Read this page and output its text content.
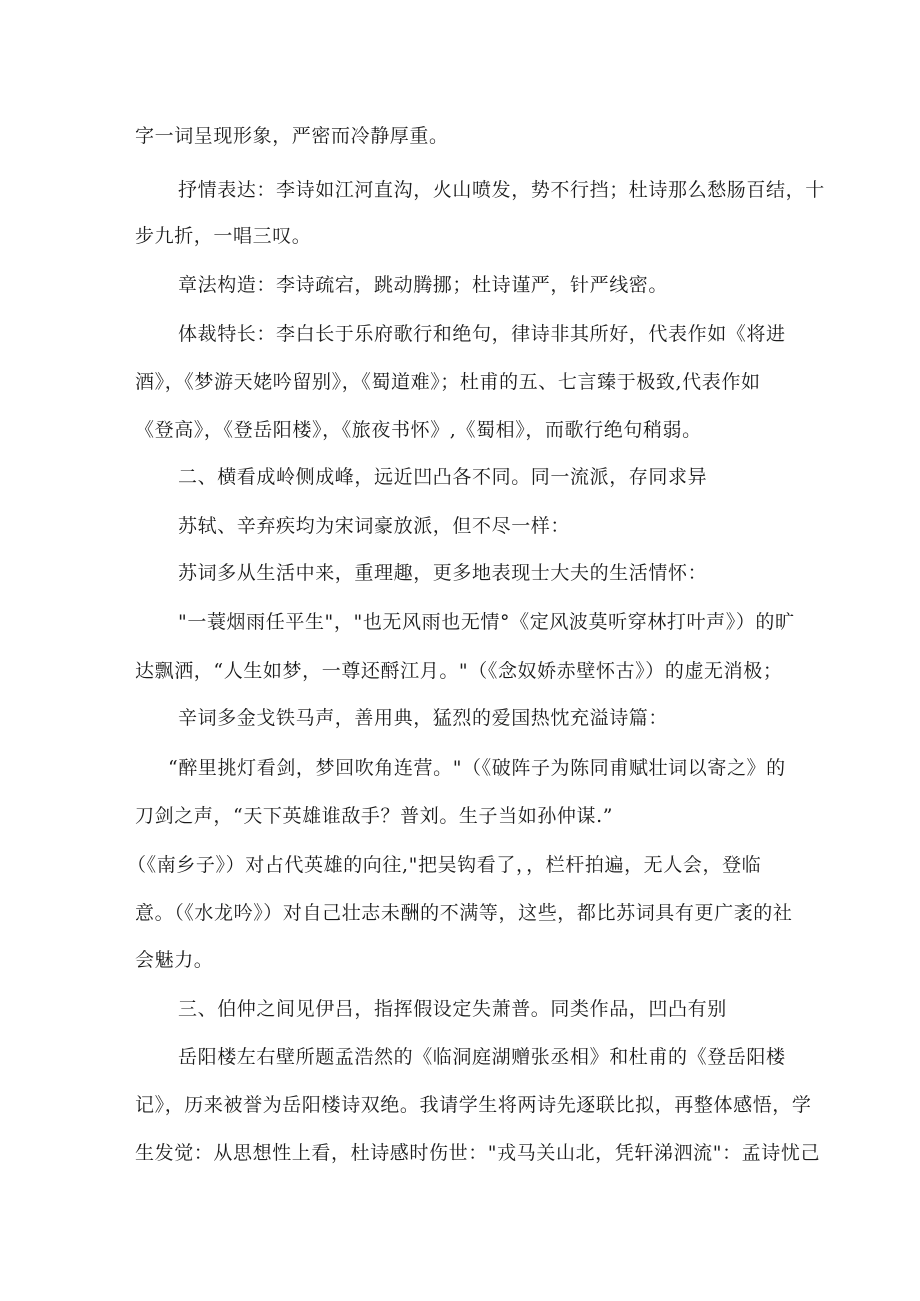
字一词呈现形象，严密而冷静厚重。
抒情表达：李诗如江河直沟，火山喷发，势不行挡；杜诗那么愁肠百结，十
步九折，一唱三叹。
章法构造：李诗疏宕，跳动腾挪；杜诗谨严，针严线密。
体裁特长：李白长于乐府歌行和绝句，律诗非其所好，代表作如《将进
酒》，《梦游天姥吟留别》，《蜀道难》；杜甫的五、七言臻于极致,代表作如
《登高》，《登岳阳楼》，《旅夜书怀》,《蜀相》，而歌行绝句稍弱。
二、横看成岭侧成峰，远近凹凸各不同。同一流派，存同求异
苏轼、辛弃疾均为宋词豪放派，但不尽一样：
苏词多从生活中来，重理趣，更多地表现士大夫的生活情怀：
"一蓑烟雨任平生"，"也无风雨也无情°《定风波莫听穿林打叶声》）的旷
达飘洒，“人生如梦，一尊还酹江月。"（《念奴娇赤壁怀古》）的虚无消极；
辛词多金戈铁马声，善用典，猛烈的爱国热忱充溢诗篇：
“醉里挑灯看剑，梦回吹角连营。"（《破阵子为陈同甫赋壮词以寄之》的
刀剑之声，“天下英雄谁敌手？普刘。生子当如孙仲谋.”
（《南乡子》）对占代英雄的向往,"把吴钩看了，，栏杆拍遍，无人会，登临
意。（《水龙吟》）对自己壮志未酬的不满等，这些，都比苏词具有更广袤的社
会魅力。
三、伯仲之间见伊吕，指挥假设定失萧普。同类作品，凹凸有别
岳阳楼左右壁所题孟浩然的《临洞庭湖赠张丞相》和杜甫的《登岳阳楼
记》，历来被誉为岳阳楼诗双绝。我请学生将两诗先逐联比拟，再整体感悟，学
生发觉：从思想性上看，杜诗感时伤世："戎马关山北，凭轩涕泗流"：孟诗忧己
